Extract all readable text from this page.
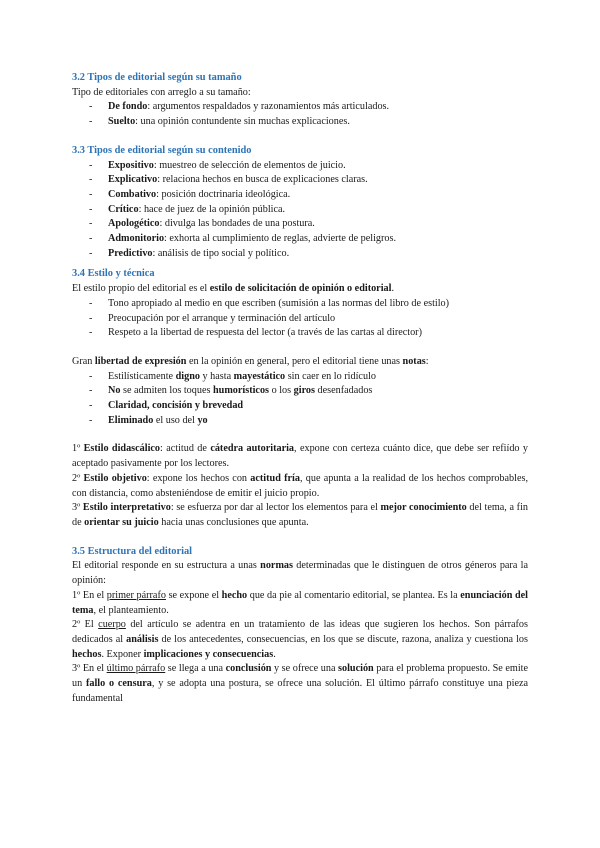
3.2 Tipos de editorial según su tamaño

Tipo de editoriales con arreglo a su tamaño:

- De fondo: argumentos respaldados y razonamientos más articulados.
- Suelto: una opinión contundente sin muchas explicaciones.
3.3 Tipos de editorial según su contenido
- Expositivo: muestreo de selección de elementos de juicio.
- Explicativo: relaciona hechos en busca de explicaciones claras.
- Combativo: posición doctrinaria ideológica.
- Crítico: hace de juez de la opinión pública.
- Apologético: divulga las bondades de una postura.
- Admonitorio: exhorta al cumplimiento de reglas, advierte de peligros.
- Predictivo: análisis de tipo social y político.
3.4 Estilo y técnica

El estilo propio del editorial es el estilo de solicitación de opinión o editorial.

- Tono apropiado al medio en que escriben (sumisión a las normas del libro de estilo)
- Preocupación por el arranque y terminación del artículo
- Respeto a la libertad de respuesta del lector (a través de las cartas al director)

Gran libertad de expresión en la opinión en general, pero el editorial tiene unas notas:

- Estilísticamente digno y hasta mayestático sin caer en lo ridículo
- No se admiten los toques humorísticos o los giros desenfadados
- Claridad, concisión y brevedad
- Eliminado el uso del yo

1º Estilo didascálico: actitud de cátedra autoritaria, expone con certeza cuánto dice, que debe ser refiído y aceptado pasivamente por los lectores.

2º Estilo objetivo: expone los hechos con actitud fría, que apunta a la realidad de los hechos comprobables, con distancia, como absteniéndose de emitir el juicio propio.

3º Estilo interpretativo: se esfuerza por dar al lector los elementos para el mejor conocimiento del tema, a fin de orientar su juicio hacia unas conclusiones que apunta.

3.5 Estructura del editorial

El editorial responde en su estructura a unas normas determinadas que le distinguen de otros géneros para la opinión:

1º En el primer párrafo se expone el hecho que da pie al comentario editorial, se plantea. Es la enunciación del tema, el planteamiento.

2º El cuerpo del artículo se adentra en un tratamiento de las ideas que sugieren los hechos. Son párrafos dedicados al análisis de los antecedentes, consecuencias, en los que se discute, razona, analiza y cuestiona los hechos. Exponer implicaciones y consecuencias.

3º En el último párrafo se llega a una conclusión y se ofrece una solución para el problema propuesto. Se emite un fallo o censura, y se adopta una postura, se ofrece una solución. El último párrafo constituye una pieza fundamental
